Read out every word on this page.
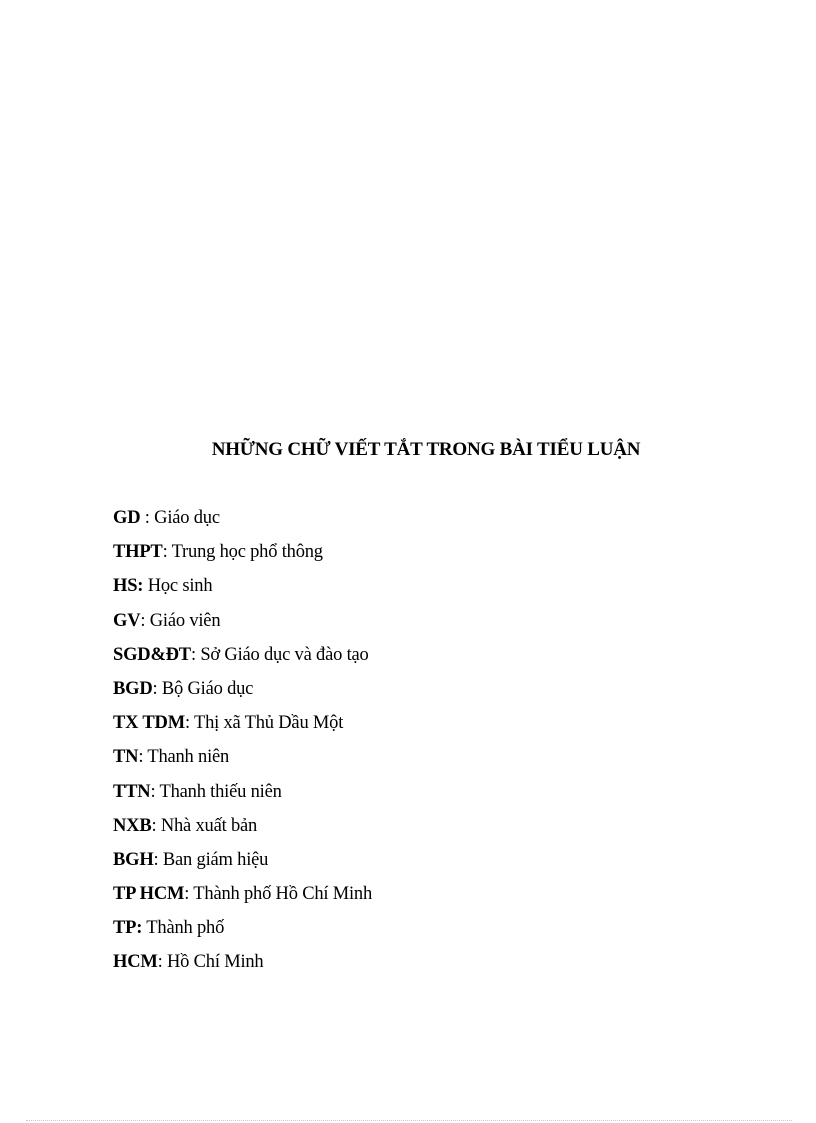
NHỮNG CHỮ VIẾT TẮT TRONG BÀI TIỂU LUẬN
GD : Giáo dục
THPT: Trung học phổ thông
HS: Học sinh
GV: Giáo viên
SGD&ĐT: Sở Giáo dục và đào tạo
BGD: Bộ Giáo dục
TX TDM: Thị xã Thủ Dầu Một
TN: Thanh niên
TTN: Thanh thiếu niên
NXB: Nhà xuất bản
BGH: Ban giám hiệu
TP HCM: Thành phố Hồ Chí Minh
TP: Thành phố
HCM: Hồ Chí Minh
